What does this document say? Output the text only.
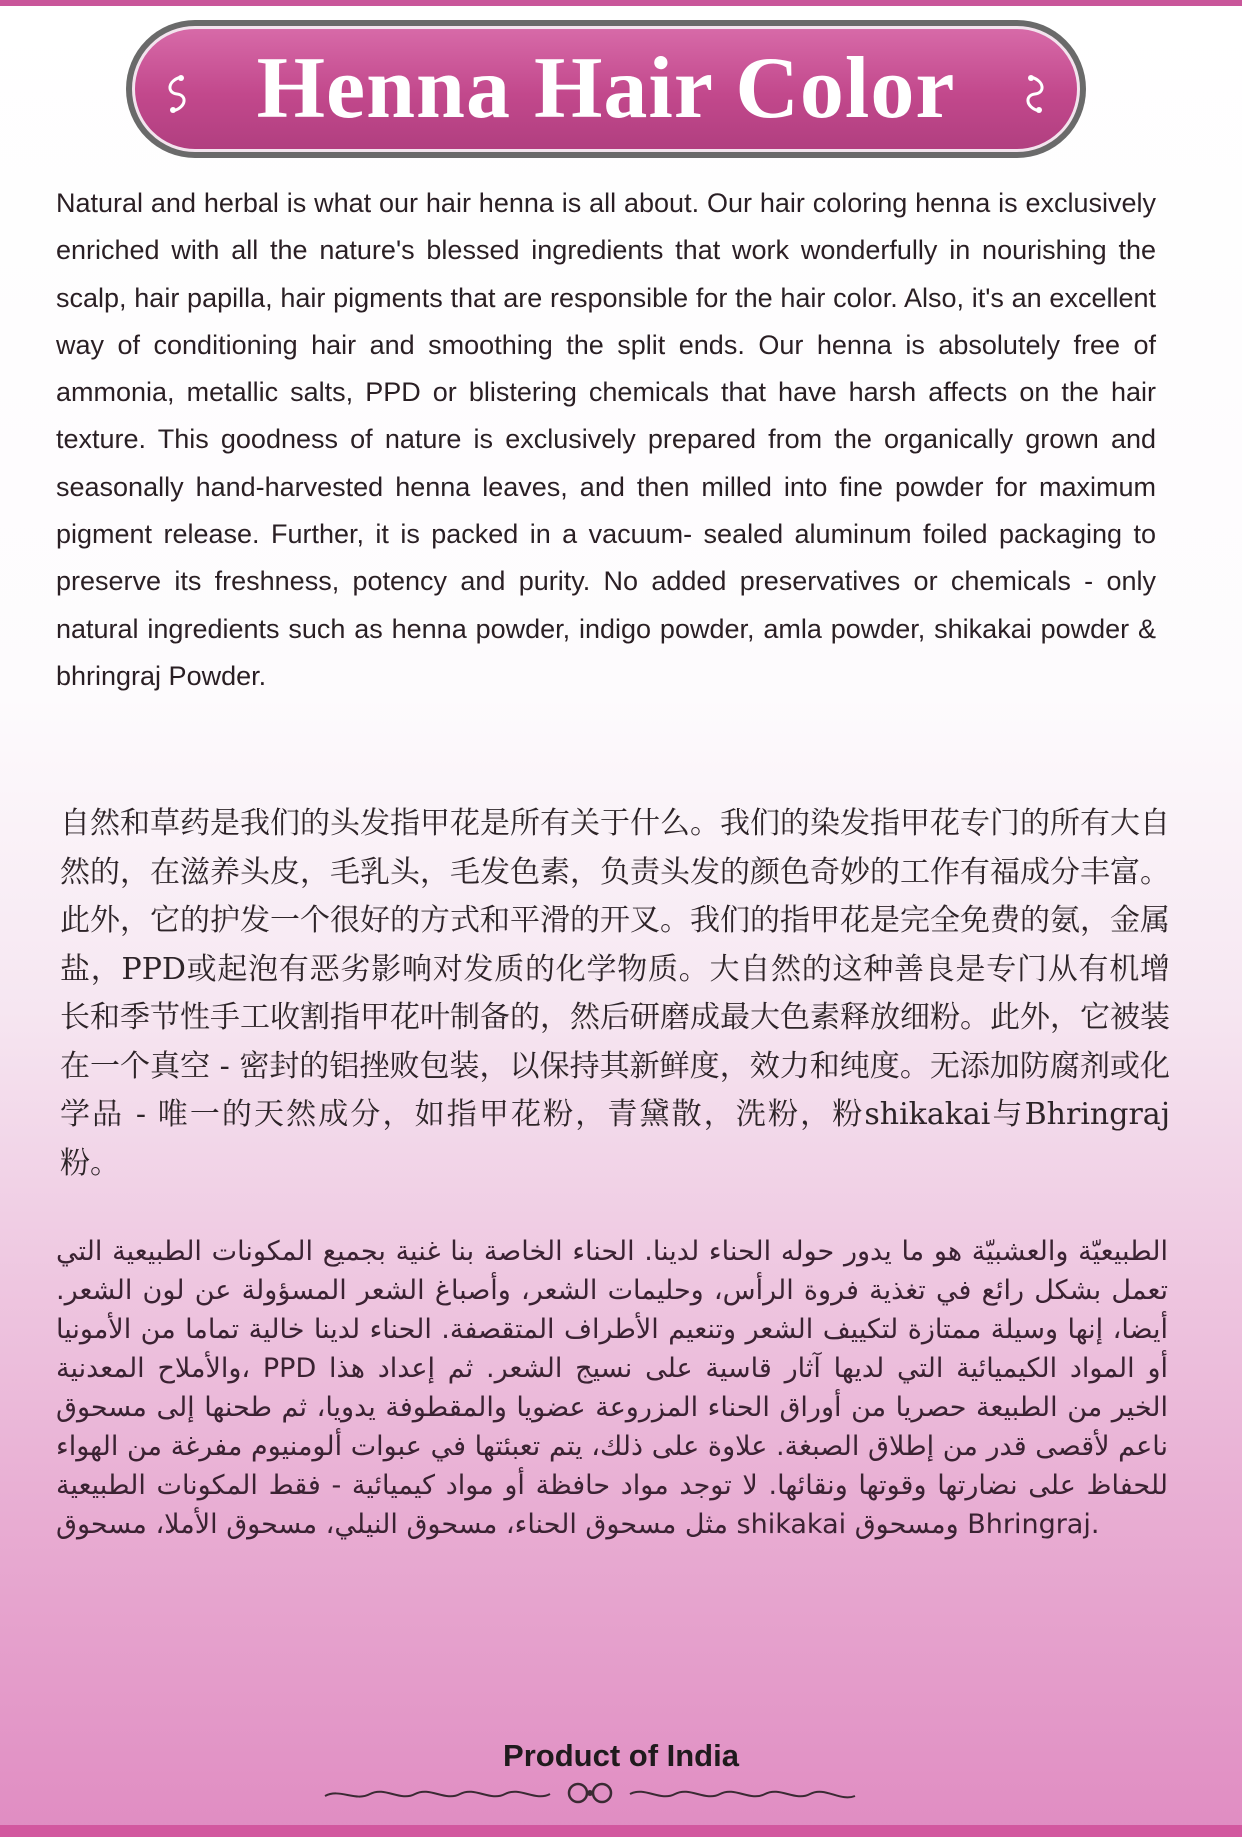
Henna Hair Color

Natural and herbal is what our hair henna is all about. Our hair coloring henna is exclusively enriched with all the nature's blessed ingredients that work wonderfully in nourishing the scalp, hair papilla, hair pigments that are responsible for the hair color. Also, it's an excellent way of conditioning hair and smoothing the split ends. Our henna is absolutely free of ammonia, metallic salts, PPD or blistering chemicals that have harsh affects on the hair texture. This goodness of nature is exclusively prepared from the organically grown and seasonally hand-harvested henna leaves, and then milled into fine powder for maximum pigment release. Further, it is packed in a vacuum- sealed aluminum foiled packaging to preserve its freshness, potency and purity. No added preservatives or chemicals - only natural ingredients such as henna powder, indigo powder, amla powder, shikakai powder & bhringraj Powder.

自然和草药是我们的头发指甲花是所有关于什么。我们的染发指甲花专门的所有大自然的，在滋养头皮，毛乳头，毛发色素，负责头发的颜色奇妙的工作有福成分丰富。此外，它的护发一个很好的方式和平滑的开叉。我们的指甲花是完全免费的氨，金属盐，PPD或起泡有恶劣影响对发质的化学物质。大自然的这种善良是专门从有机增长和季节性手工收割指甲花叶制备的，然后研磨成最大色素释放细粉。此外，它被装在一个真空 - 密封的铝挫败包装，以保持其新鲜度，效力和纯度。无添加防腐剂或化学品 - 唯一的天然成分，如指甲花粉，青黛散，洗粉，粉shikakai与Bhringraj粉。

الطبيعيّة والعشبيّة هو ما يدور حوله الحناء لدينا. الحناء الخاصة بنا غنية بجميع المكونات الطبيعية التي تعمل بشكل رائع في تغذية فروة الرأس، وحليمات الشعر، وأصباغ الشعر المسؤولة عن لون الشعر. أيضا، إنها وسيلة ممتازة لتكييف الشعر وتنعيم الأطراف المتقصفة. الحناء لدينا خالية تماما من الأمونيا والأملاح المعدنية، PPD أو المواد الكيميائية التي لديها آثار قاسية على نسيج الشعر. ثم إعداد هذا الخير من الطبيعة حصريا من أوراق الحناء المزروعة عضويا والمقطوفة يدويا، ثم طحنها إلى مسحوق ناعم لأقصى قدر من إطلاق الصبغة. علاوة على ذلك، يتم تعبئتها في عبوات ألومنيوم مفرغة من الهواء للحفاظ على نضارتها وقوتها ونقائها. لا توجد مواد حافظة أو مواد كيميائية - فقط المكونات الطبيعية مثل مسحوق الحناء، مسحوق النيلي، مسحوق الأملا، مسحوق shikakai ومسحوق Bhringraj.

Product of India
